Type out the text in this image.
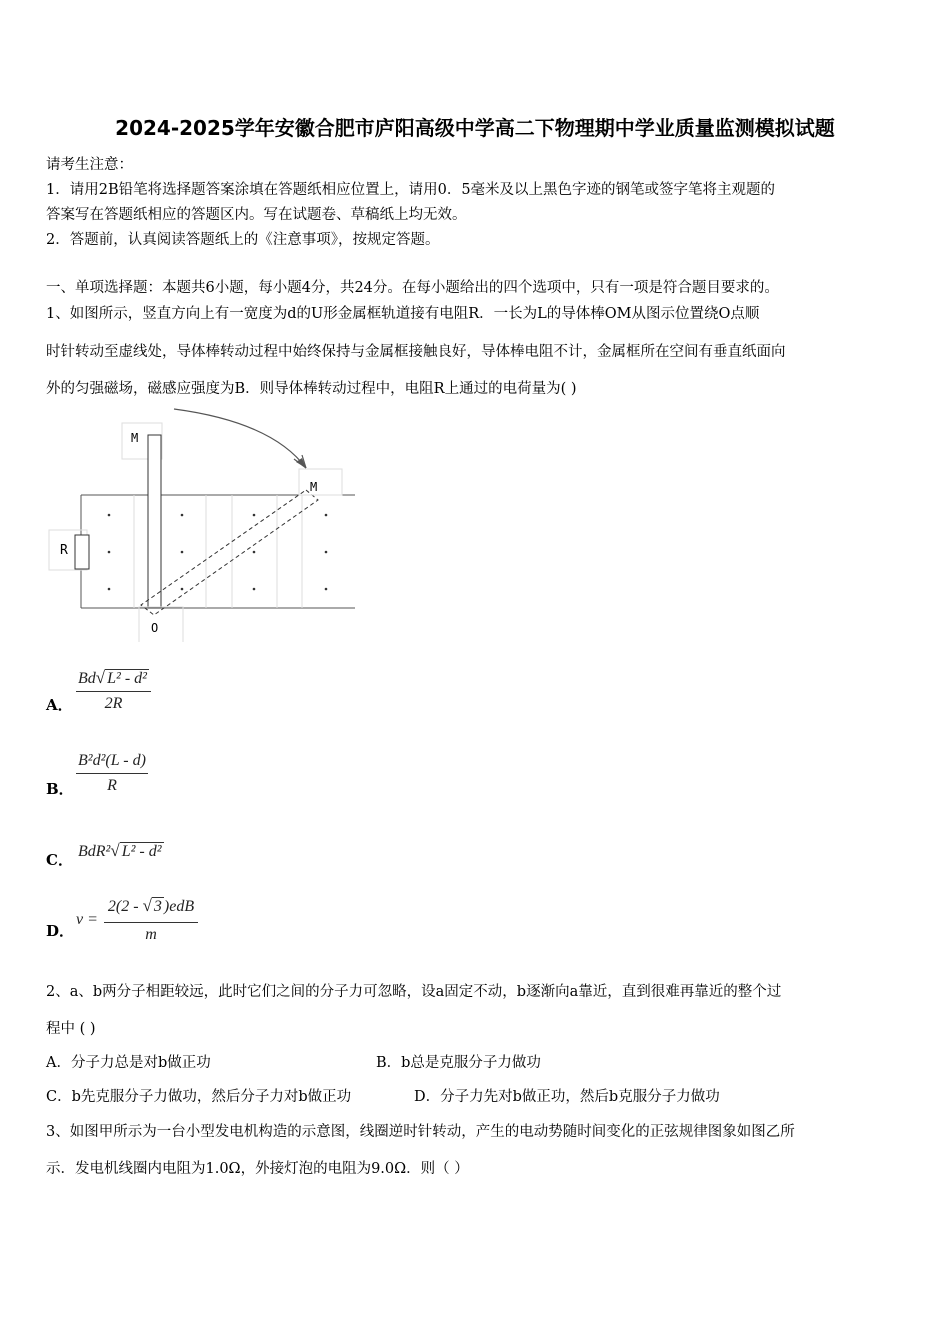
2024-2025学年安徽合肥市庐阳高级中学高二下物理期中学业质量监测模拟试题
请考生注意：
1．请用2B铅笔将选择题答案涂填在答题纸相应位置上，请用0．5毫米及以上黑色字迹的钢笔或签字笔将主观题的
答案写在答题纸相应的答题区内。写在试题卷、草稿纸上均无效。
2．答题前，认真阅读答题纸上的《注意事项》，按规定答题。
一、单项选择题：本题共6小题，每小题4分，共24分。在每小题给出的四个选项中，只有一项是符合题目要求的。
1、如图所示，竖直方向上有一宽度为d的U形金属框轨道接有电阻R．一长为L的导体棒OM从图示位置绕O点顺
时针转动至虚线处，导体棒转动过程中始终保持与金属框接触良好，导体棒电阻不计，金属框所在空间有垂直纸面向
外的匀强磁场，磁感应强度为B．则导体棒转动过程中，电阻R上通过的电荷量为( )
R
M
M
O
A． $\frac{\text{Bd√ L² - d²}}{2R}$
B． $\frac{\text{B²d²(L - d)}}{R}$
C． BdR²√ L² - d²
D．
$v = \frac{\text{2(2 - √ 3 )edB}}{m}$
2、a、b两分子相距较远，此时它们之间的分子力可忽略，设a固定不动，b逐渐向a靠近，直到很难再靠近的整个过
程中 ( )
A．分子力总是对b做正功	B．b总是克服分子力做功
C．b先克服分子力做功，然后分子力对b做正功	D．分子力先对b做正功，然后b克服分子力做功
3、如图甲所示为一台小型发电机构造的示意图，线圈逆时针转动，产生的电动势随时间变化的正弦规律图象如图乙所
示．发电机线圈内电阻为1.0Ω，外接灯泡的电阻为9.0Ω．则（ ）
